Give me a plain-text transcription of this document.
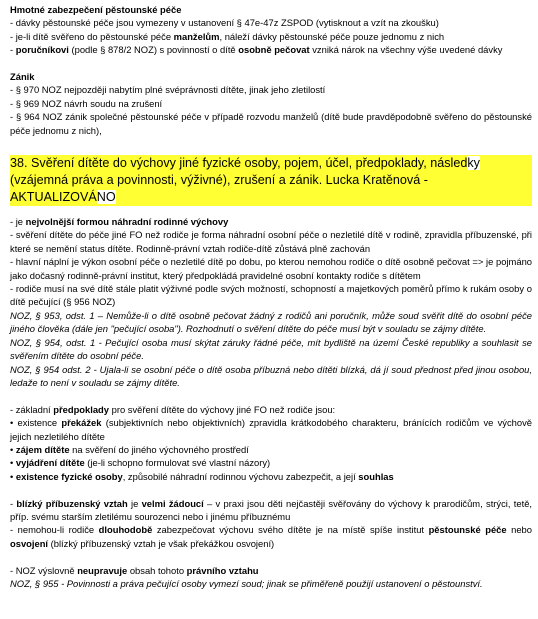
Hmotné zabezpečení pěstounské péče

- dávky pěstounské péče jsou vymezeny v ustanovení § 47e-47z ZSPOD (vytisknout a vzít na zkoušku)

- je-li dítě svěřeno do pěstounské péče manželům, náleží dávky pěstounské péče pouze jednomu z nich

- poručníkovi (podle § 878/2 NOZ) s povinností o dítě osobně pečovat vzniká nárok na všechny výše uvedené dávky

Zánik

- § 970 NOZ nejpozději nabytím plné svéprávnosti dítěte, jinak jeho zletilostí

- § 969 NOZ návrh soudu na zrušení

- § 964 NOZ zánik společné pěstounské péče v případě rozvodu manželů (dítě bude pravděpodobně svěřeno do pěstounské péče jednomu z nich),

38. Svěření dítěte do výchovy jiné fyzické osoby, pojem, účel, předpoklady, následky

(vzájemná práva a povinnosti, výživné), zrušení a zánik. Lucka Kratěnová - AKTUALIZOVÁNO

- je nejvolnější formou náhradní rodinné výchovy

- svěření dítěte do péče jiné FO než rodiče je forma náhradní osobní péče o nezletilé dítě v rodině, zpravidla příbuzenské, při které se nemění status dítěte. Rodinně-právní vztah rodiče-dítě zůstává plně zachován

- hlavní náplní je výkon osobní péče o nezletilé dítě po dobu, po kterou nemohou rodiče o dítě osobně pečovat => je pojmáno jako dočasný rodinně-právní institut, který předpokládá pravidelné osobní kontakty rodiče s dítětem

- rodiče musí na své dítě stále platit výživné podle svých možností, schopností a majetkových poměrů přímo k rukám osoby o dítě pečující (§ 956 NOZ)

NOZ, § 953, odst. 1 – Nemůže-li o dítě osobně pečovat žádný z rodičů ani poručník, může soud svěřit dítě do osobní péče jiného člověka (dále jen "pečující osoba"). Rozhodnutí o svěření dítěte do péče musí být v souladu se zájmy dítěte.

NOZ, § 954, odst. 1 - Pečující osoba musí skýtat záruky řádné péče, mít bydliště na území České republiky a souhlasit se svěřením dítěte do osobní péče.

NOZ, § 954 odst. 2 - Ujala-li se osobní péče o dítě osoba příbuzná nebo dítěti blízká, dá jí soud přednost před jinou osobou, ledaže to není v souladu se zájmy dítěte.

- základní předpoklady pro svěření dítěte do výchovy jiné FO než rodiče jsou:

• existence překážek (subjektivních nebo objektivních) zpravidla krátkodobého charakteru, bránících rodičům ve výchově jejich nezletilého dítěte

• zájem dítěte na svěření do jiného výchovného prostředí

• vyjádření dítěte (je-li schopno formulovat své vlastní názory)

• existence fyzické osoby, způsobilé náhradní rodinnou výchovu zabezpečit, a její souhlas

- blízký příbuzenský vztah je velmi žádoucí – v praxi jsou děti nejčastěji svěřovány do výchovy k prarodičům, strýci, tetě, příp. svému starším zletilému sourozenci nebo i jinému příbuznému

- nemohou-li rodiče dlouhodobě zabezpečovat výchovu svého dítěte je na místě spíše institut pěstounské péče nebo osvojení (blízký příbuzenský vztah je však překážkou osvojení)

- NOZ výslovně neupravuje obsah tohoto právního vztahu

NOZ, § 955 - Povinnosti a práva pečující osoby vymezí soud; jinak se přiměřeně použijí ustanovení o pěstounství.
